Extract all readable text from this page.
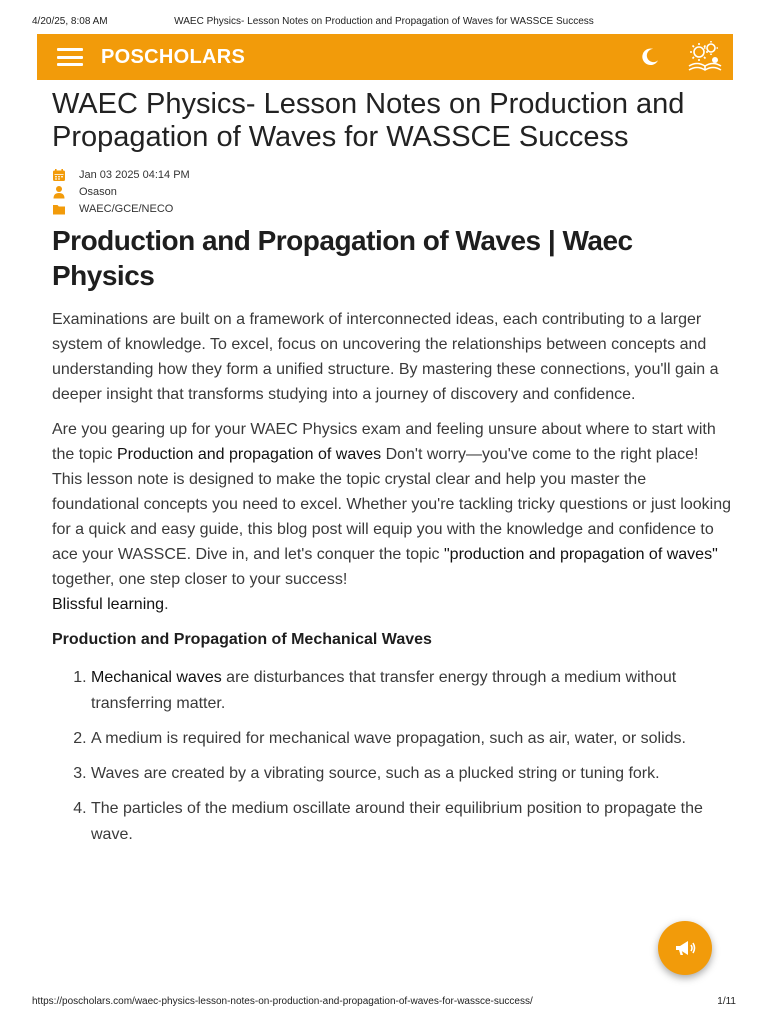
4/20/25, 8:08 AM	WAEC Physics- Lesson Notes on Production and Propagation of Waves for WASSCE Success
POSCHOLARS
WAEC Physics- Lesson Notes on Production and Propagation of Waves for WASSCE Success
Jan 03 2025 04:14 PM
Osason
WAEC/GCE/NECO
Production and Propagation of Waves | Waec Physics

Examinations are built on a framework of interconnected ideas, each contributing to a larger system of knowledge. To excel, focus on uncovering the relationships between concepts and understanding how they form a unified structure. By mastering these connections, you'll gain a deeper insight that transforms studying into a journey of discovery and confidence.

Are you gearing up for your WAEC Physics exam and feeling unsure about where to start with the topic Production and propagation of waves Don't worry—you've come to the right place! This lesson note is designed to make the topic crystal clear and help you master the foundational concepts you need to excel. Whether you're tackling tricky questions or just looking for a quick and easy guide, this blog post will equip you with the knowledge and confidence to ace your WASSCE. Dive in, and let's conquer the topic "production and propagation of waves" together, one step closer to your success!
Blissful learning.

Production and Propagation of Mechanical Waves
1. Mechanical waves are disturbances that transfer energy through a medium without transferring matter.
2. A medium is required for mechanical wave propagation, such as air, water, or solids.
3. Waves are created by a vibrating source, such as a plucked string or tuning fork.
4. The particles of the medium oscillate around their equilibrium position to propagate the wave.
https://poscholars.com/waec-physics-lesson-notes-on-production-and-propagation-of-waves-for-wassce-success/	1/11
